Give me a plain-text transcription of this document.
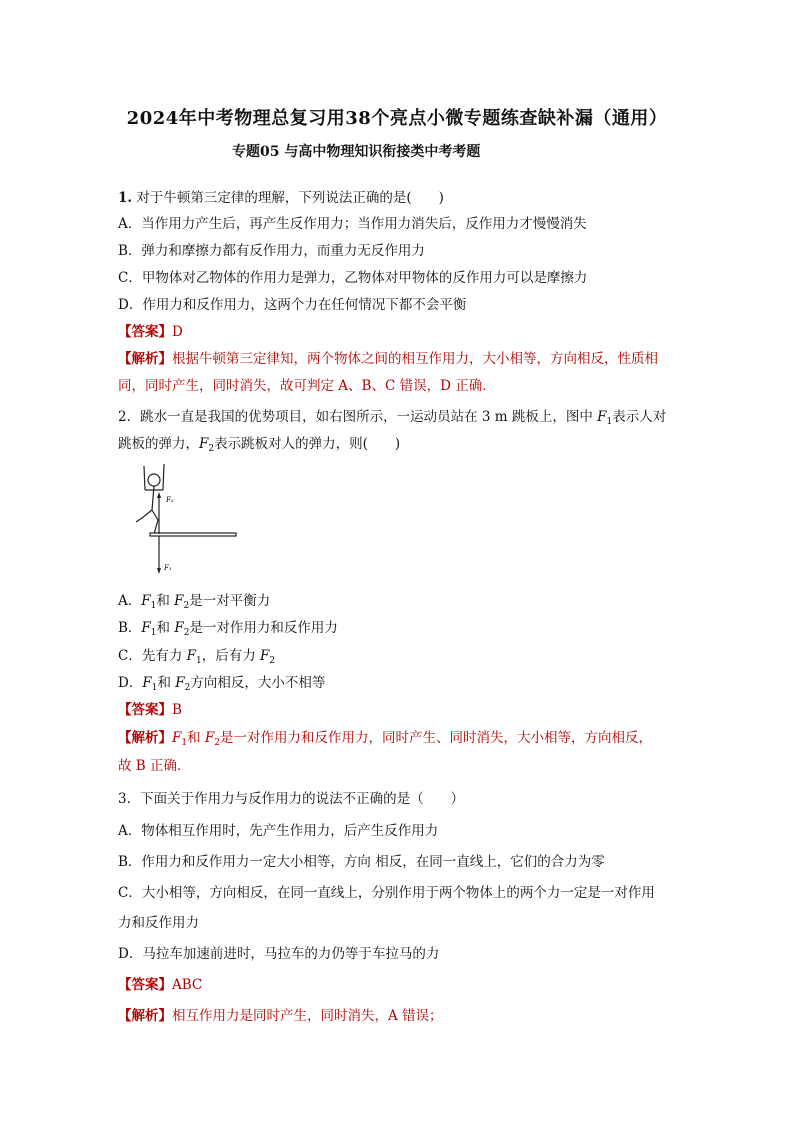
2024年中考物理总复习用38个亮点小微专题练查缺补漏（通用）
专题05 与高中物理知识衔接类中考考题
1. 对于牛顿第三定律的理解，下列说法正确的是(　　)
A．当作用力产生后，再产生反作用力；当作用力消失后，反作用力才慢慢消失
B．弹力和摩擦力都有反作用力，而重力无反作用力
C．甲物体对乙物体的作用力是弹力，乙物体对甲物体的反作用力可以是摩擦力
D．作用力和反作用力，这两个力在任何情况下都不会平衡
【答案】D
【解析】根据牛顿第三定律知，两个物体之间的相互作用力，大小相等，方向相反，性质相
同，同时产生，同时消失，故可判定 A、B、C 错误，D 正确．
2．跳水一直是我国的优势项目，如右图所示，一运动员站在 3 m 跳板上，图中 $F_1$表示人对
跳板的弹力，$F_2$表示跳板对人的弹力，则(　　)
F₂
F₁
A．$F_1$和 $F_2$是一对平衡力
B．$F_1$和 $F_2$是一对作用力和反作用力
C．先有力 $F_1$，后有力 $F_2$
D．$F_1$和 $F_2$方向相反，大小不相等
【答案】B
【解析】$F_1$和 $F_2$是一对作用力和反作用力，同时产生、同时消失，大小相等，方向相反，
故 B 正确．
3．下面关于作用力与反作用力的说法不正确的是（　　）
A．物体相互作用时，先产生作用力，后产生反作用力
B．作用力和反作用力一定大小相等，方向 相反，在同一直线上，它们的合力为零
C．大小相等，方向相反，在同一直线上，分别作用于两个物体上的两个力一定是一对作用
力和反作用力
D．马拉车加速前进时，马拉车的力仍等于车拉马的力
【答案】ABC
【解析】相互作用力是同时产生，同时消失，A 错误；
